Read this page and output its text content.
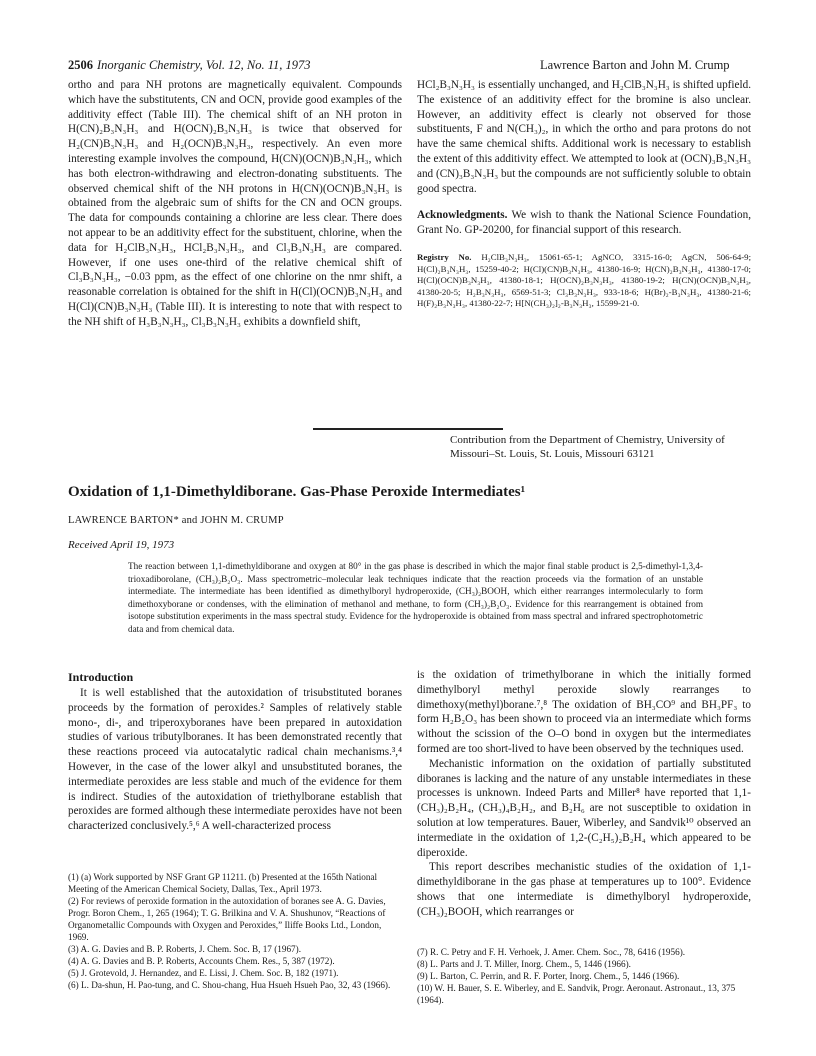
2506 Inorganic Chemistry, Vol. 12, No. 11, 1973	Lawrence Barton and John M. Crump

ortho and para NH protons are magnetically equivalent. Compounds which have the substitutents, CN and OCN, provide good examples of the additivity effect (Table III). The chemical shift of an NH proton in H(CN)₂B₃N₃H₃ and H(OCN)₂B₃N₃H₃ is twice that observed for H₂(CN)B₃N₃H₃ and H₂(OCN)B₃N₃H₃, respectively. An even more interesting example involves the compound, H(CN)(OCN)B₃N₃H₃, which has both electron-withdrawing and electron-donating substituents. The observed chemical shift of the NH protons in H(CN)(OCN)B₃N₃H₃ is obtained from the algebraic sum of shifts for the CN and OCN groups. The data for compounds containing a chlorine are less clear. There does not appear to be an additivity effect for the substituent, chlorine, when the data for H₂ClB₃N₃H₃, HCl₂B₃N₃H₃, and Cl₃B₃N₃H₃ are compared. However, if one uses one-third of the relative chemical shift of Cl₃B₃N₃H₃, −0.03 ppm, as the effect of one chlorine on the nmr shift, a reasonable correlation is obtained for the shift in H(Cl)(OCN)B₃N₃H₃ and H(Cl)(CN)B₃N₃H₃ (Table III). It is interesting to note that with respect to the NH shift of H₃B₃N₃H₃, Cl₃B₃N₃H₃ exhibits a downfield shift,

HCl₂B₃N₃H₃ is essentially unchanged, and H₂ClB₃N₃H₃ is shifted upfield. The existence of an additivity effect for the bromine is also unclear. However, an additivity effect is clearly not observed for those substituents, F and N(CH₃)₂, in which the ortho and para protons do not have the same chemical shifts. Additional work is necessary to establish the extent of this additivity effect. We attempted to look at (OCN)₃B₃N₃H₃ and (CN)₃B₃N₃H₃ but the compounds are not sufficiently soluble to obtain good spectra.

Acknowledgments. We wish to thank the National Science Foundation, Grant No. GP-20200, for financial support of this research.

Registry No. H₂ClB₃N₃H₃, 15061-65-1; AgNCO, 3315-16-0; AgCN, 506-64-9; H(Cl)₂B₃N₃H₃, 15259-40-2; H(Cl)(CN)B₃N₃H₃, 41380-16-9; H(CN)₂B₃N₃H₃, 41380-17-0; H(Cl)(OCN)B₃N₃H₃, 41380-18-1; H(OCN)₂B₃N₃H₃, 41380-19-2; H(CN)(OCN)B₃N₃H₃, 41380-20-5; H₂B₃N₃H₃, 6569-51-3; Cl₃B₃N₃H₃, 933-18-6; H(Br)₂-B₃N₃H₃, 41380-21-6; H(F)₂B₃N₃H₃, 41380-22-7; H[N(CH₃)₂]₂-B₃N₃H₃, 15599-21-0.

Contribution from the Department of Chemistry, University of Missouri–St. Louis, St. Louis, Missouri 63121
Oxidation of 1,1-Dimethyldiborane. Gas-Phase Peroxide Intermediates¹
LAWRENCE BARTON* and JOHN M. CRUMP
Received April 19, 1973
The reaction between 1,1-dimethyldiborane and oxygen at 80° in the gas phase is described in which the major final stable product is 2,5-dimethyl-1,3,4-trioxadiborolane, (CH₃)₂B₂O₃. Mass spectrometric–molecular leak techniques indicate that the reaction proceeds via the formation of an unstable intermediate. The intermediate has been identified as dimethylboryl hydroperoxide, (CH₃)₂BOOH, which either rearranges intermolecularly to form dimethoxyborane or condenses, with the elimination of methanol and methane, to form (CH₃)₂B₂O₃. Evidence for this rearrangement is obtained from isotope substitution experiments in the mass spectral study. Evidence for the hydroperoxide is obtained from mass spectral and infrared spectrophotometric data and from chemical data.
Introduction

It is well established that the autoxidation of trisubstituted boranes proceeds by the formation of peroxides.² Samples of relatively stable mono-, di-, and triperoxyboranes have been prepared in autoxidation studies of various tributylboranes. It has been demonstrated recently that these reactions proceed via autocatalytic radical chain mechanisms.³,⁴ However, in the case of the lower alkyl and unsubstituted boranes, the intermediate peroxides are less stable and much of the evidence for them is indirect. Studies of the autoxidation of triethylborane establish that peroxides are formed although these intermediate peroxides have not been characterized conclusively.⁵,⁶ A well-characterized process

is the oxidation of trimethylborane in which the initially formed dimethylboryl methyl peroxide slowly rearranges to dimethoxy(methyl)borane.⁷,⁸ The oxidation of BH₃CO⁹ and BH₃PF₃ to form H₂B₂O₃ has been shown to proceed via an intermediate which forms without the scission of the O–O bond in oxygen but the intermediates formed are too short-lived to have been observed by the techniques used.

Mechanistic information on the oxidation of partially substituted diboranes is lacking and the nature of any unstable intermediates in these processes is unknown. Indeed Parts and Miller⁸ have reported that 1,1-(CH₃)₂B₂H₄, (CH₃)₄B₂H₂, and B₂H₆ are not susceptible to oxidation in solution at low temperatures. Bauer, Wiberley, and Sandvik¹⁰ observed an intermediate in the oxidation of 1,2-(C₂H₅)₂B₂H₄ which appeared to be diperoxide.

This report describes mechanistic studies of the oxidation of 1,1-dimethyldiborane in the gas phase at temperatures up to 100°. Evidence shows that one intermediate is dimethylboryl hydroperoxide, (CH₃)₂BOOH, which rearranges or

(1) (a) Work supported by NSF Grant GP 11211. (b) Presented at the 165th National Meeting of the American Chemical Society, Dallas, Tex., April 1973.

(2) For reviews of peroxide formation in the autoxidation of boranes see A. G. Davies, Progr. Boron Chem., 1, 265 (1964); T. G. Brilkina and V. A. Shushunov, “Reactions of Organometallic Compounds with Oxygen and Peroxides,” Iliffe Books Ltd., London, 1969.

(3) A. G. Davies and B. P. Roberts, J. Chem. Soc. B, 17 (1967).

(4) A. G. Davies and B. P. Roberts, Accounts Chem. Res., 5, 387 (1972).

(5) J. Grotevold, J. Hernandez, and E. Lissi, J. Chem. Soc. B, 182 (1971).

(6) L. Da-shun, H. Pao-tung, and C. Shou-chang, Hua Hsueh Hsueh Pao, 32, 43 (1966).

(7) R. C. Petry and F. H. Verhoek, J. Amer. Chem. Soc., 78, 6416 (1956).

(8) L. Parts and J. T. Miller, Inorg. Chem., 5, 1446 (1966).

(9) L. Barton, C. Perrin, and R. F. Porter, Inorg. Chem., 5, 1446 (1966).

(10) W. H. Bauer, S. E. Wiberley, and E. Sandvik, Progr. Aeronaut. Astronaut., 13, 375 (1964).
